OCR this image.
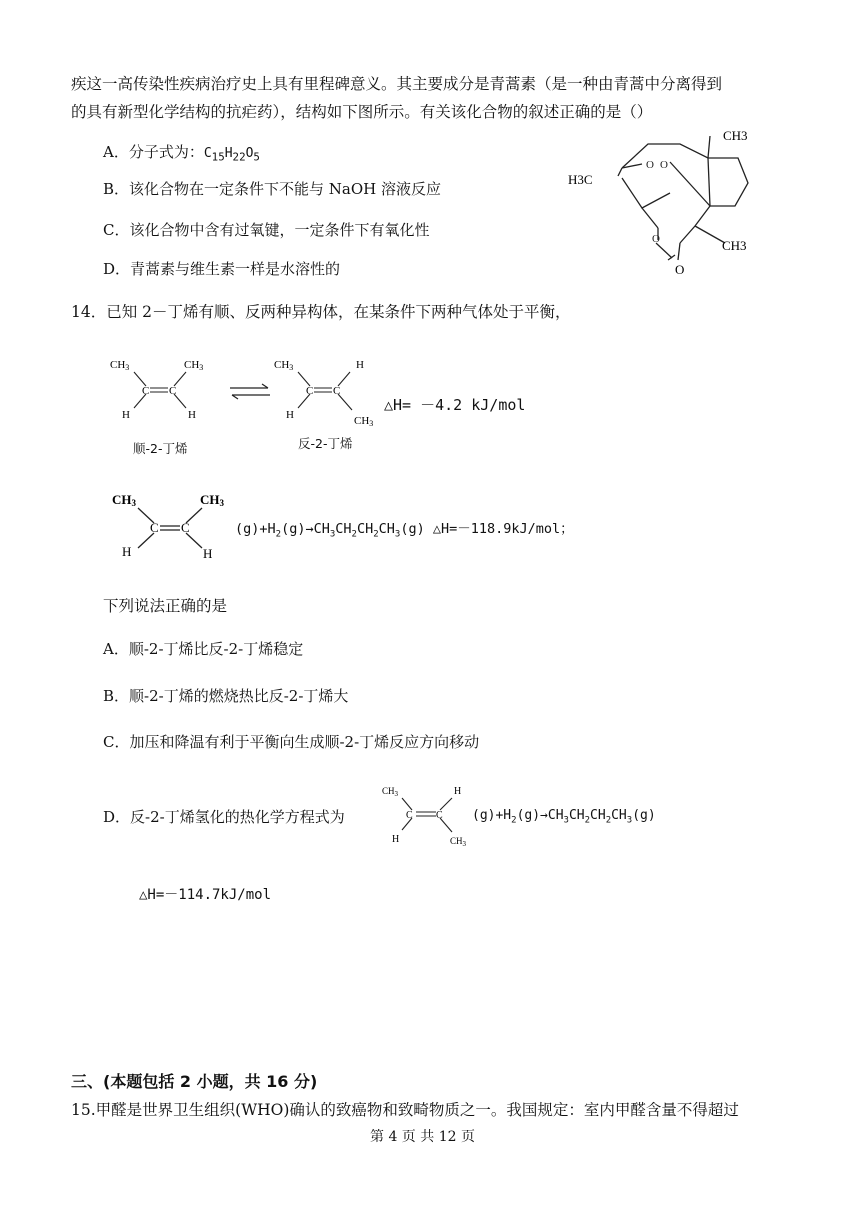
疾这一高传染性疾病治疗史上具有里程碑意义。其主要成分是青蒿素（是一种由青蒿中分离得到
的具有新型化学结构的抗疟药），结构如下图所示。有关该化合物的叙述正确的是（）
A．分子式为：$C_{15}H_{22}O_5$
B．该化合物在一定条件下不能与 NaOH 溶液反应
C．该化合物中含有过氧键，一定条件下有氧化性
D．青蒿素与维生素一样是水溶性的
CH3
H3C
CH3
O
O O
O
14．已知 2－丁烯有顺、反两种异构体，在某条件下两种气体处于平衡，
CH3	CH3
C C
H	H
顺-2-丁烯
CH3	H
C C
H	CH3
反-2-丁烯
△H= －4.2 kJ/mol
CH3	CH3
C C
H	H
$(g)+H_2(g)\to CH_3CH_2CH_2CH_3(g)$ △H=－118.9kJ/mol；
下列说法正确的是
A．顺-2-丁烯比反-2-丁烯稳定
B．顺-2-丁烯的燃烧热比反-2-丁烯大
C．加压和降温有利于平衡向生成顺-2-丁烯反应方向移动
D．反-2-丁烯氢化的热化学方程式为
$CH_3$	H
C C
H	$CH_3$
$(g)+H_2(g)\to CH_3CH_2CH_2CH_3(g)$
△H=－114.7kJ/mol
三、(本题包括 2 小题，共 16 分)
15.甲醛是世界卫生组织(WHO)确认的致癌物和致畸物质之一。我国规定：室内甲醛含量不得超过
第 4 页 共 12 页
